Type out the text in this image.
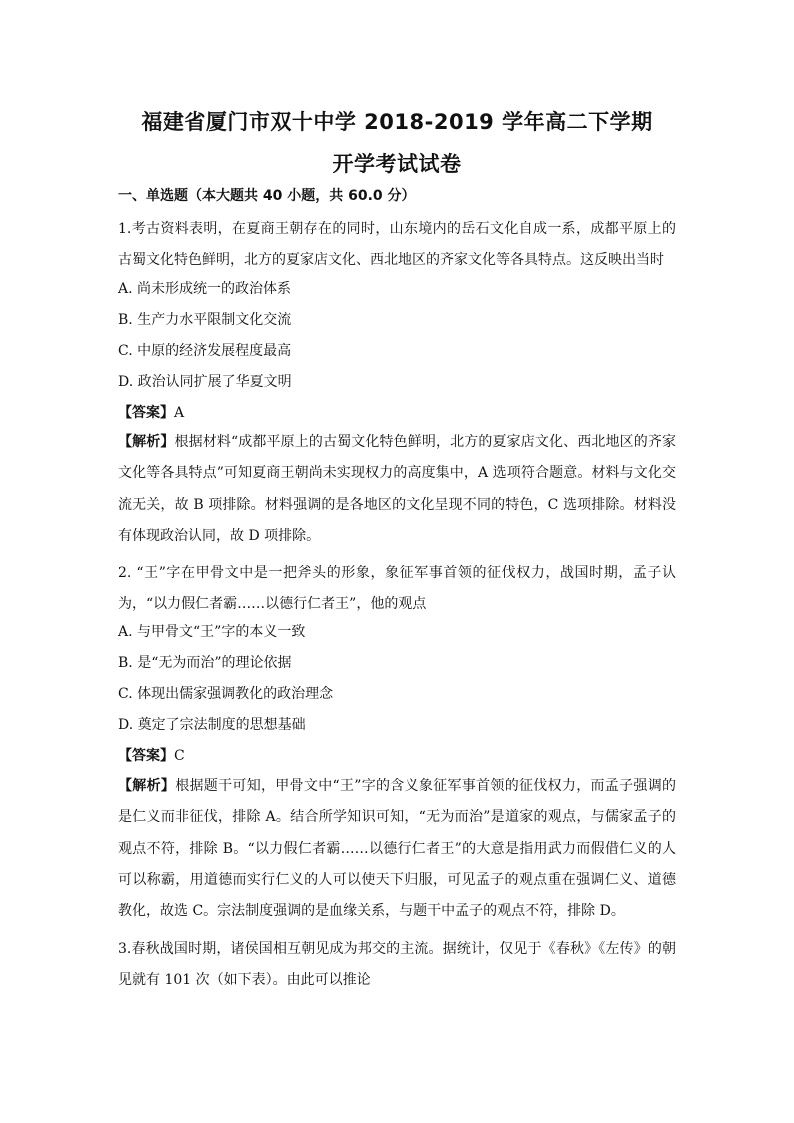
福建省厦门市双十中学 2018-2019 学年高二下学期
开学考试试卷
一、单选题（本大题共 40 小题，共 60.0 分）
1.考古资料表明，在夏商王朝存在的同时，山东境内的岳石文化自成一系，成都平原上的古蜀文化特色鲜明，北方的夏家店文化、西北地区的齐家文化等各具特点。这反映出当时
A. 尚未形成统一的政治体系
B. 生产力水平限制文化交流
C. 中原的经济发展程度最高
D. 政治认同扩展了华夏文明
【答案】A
【解析】根据材料“成都平原上的古蜀文化特色鲜明，北方的夏家店文化、西北地区的齐家文化等各具特点”可知夏商王朝尚未实现权力的高度集中，A 选项符合题意。材料与文化交流无关，故 B 项排除。材料强调的是各地区的文化呈现不同的特色，C 选项排除。材料没有体现政治认同，故 D 项排除。
2. “王”字在甲骨文中是一把斧头的形象，象征军事首领的征伐权力，战国时期，孟子认为，“以力假仁者霸……以德行仁者王”，他的观点
A. 与甲骨文“王”字的本义一致
B. 是“无为而治”的理论依据
C. 体现出儒家强调教化的政治理念
D. 奠定了宗法制度的思想基础
【答案】C
【解析】根据题干可知，甲骨文中“王”字的含义象征军事首领的征伐权力，而孟子强调的是仁义而非征伐，排除 A。结合所学知识可知，“无为而治”是道家的观点，与儒家孟子的观点不符，排除 B。“以力假仁者霸……以德行仁者王”的大意是指用武力而假借仁义的人可以称霸，用道德而实行仁义的人可以使天下归服，可见孟子的观点重在强调仁义、道德教化，故选 C。宗法制度强调的是血缘关系，与题干中孟子的观点不符，排除 D。
3.春秋战国时期，诸侯国相互朝见成为邦交的主流。据统计，仅见于《春秋》《左传》的朝见就有 101 次（如下表）。由此可以推论
